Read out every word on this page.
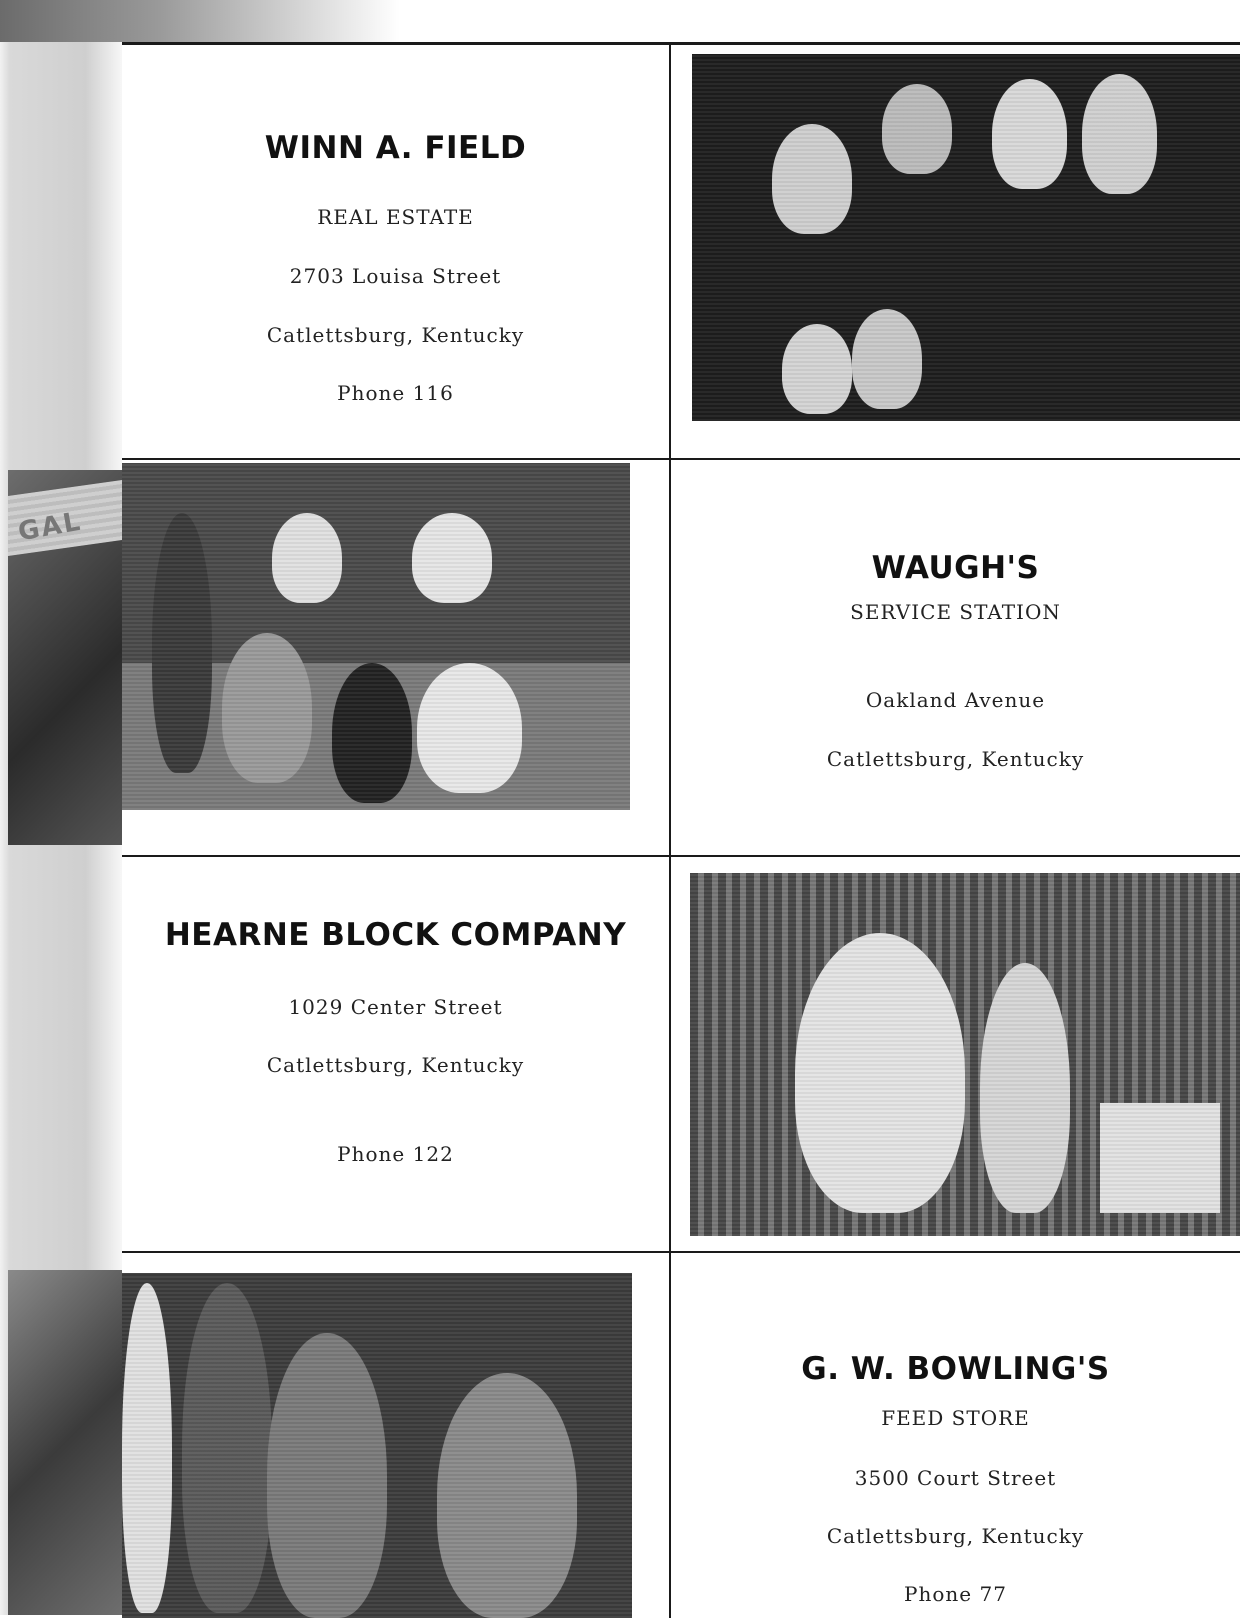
GAL
WINN A. FIELD
REAL ESTATE
2703 Louisa Street
Catlettsburg, Kentucky
Phone 116
WAUGH'S
SERVICE STATION
Oakland Avenue
Catlettsburg, Kentucky
HEARNE BLOCK COMPANY
1029 Center Street
Catlettsburg, Kentucky
Phone 122
G. W. BOWLING'S
FEED STORE
3500 Court Street
Catlettsburg, Kentucky
Phone 77
